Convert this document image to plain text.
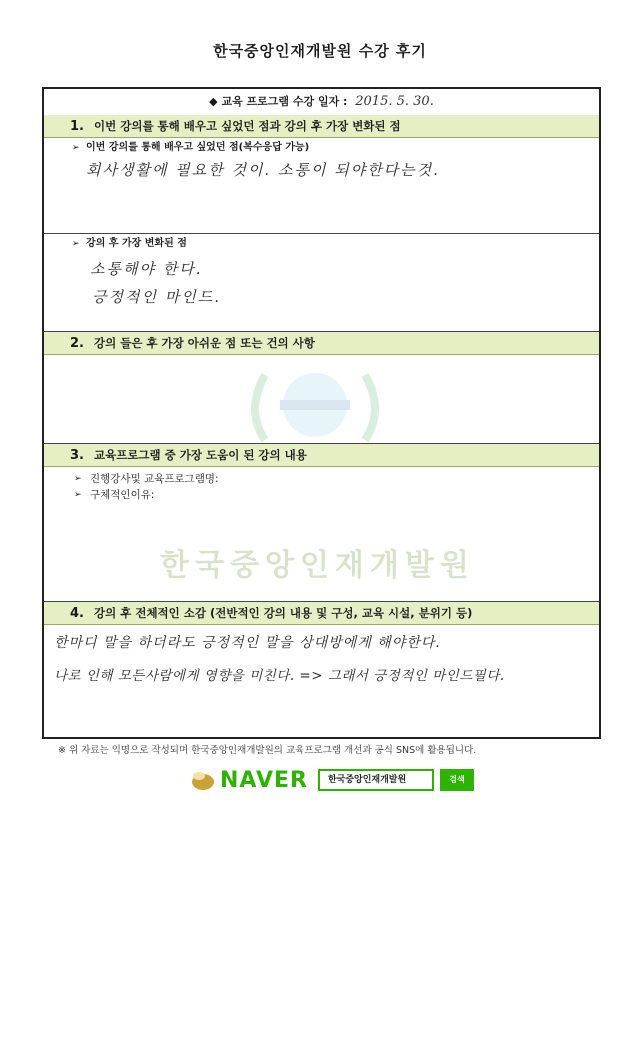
한국중앙인재개발원 수강 후기
◆ 교육 프로그램 수강 일자 : 2015. 5. 30.
1. 이번 강의를 통해 배우고 싶었던 점과 강의 후 가장 변화된 점
➢ 이번 강의를 통해 배우고 싶었던 점(복수응답 가능)
회사생활에 필요한 것이. 소통이 되야한다는것.
➢ 강의 후 가장 변화된 점
소통해야 한다.
긍정적인 마인드.
2. 강의 들은 후 가장 아쉬운 점 또는 건의 사항
3. 교육프로그램 중 가장 도움이 된 강의 내용
➢ 진행강사및 교육프로그램명:
➢ 구체적인이유:
4. 강의 후 전체적인 소감 (전반적인 강의 내용 및 구성, 교육 시설, 분위기 등)
한마디 말을 하더라도 긍정적인 말을 상대방에게 해야한다.
나로 인해 모든사람에게 영향을 미친다. => 그래서 긍정적인 마인드필다.
한국중앙인재개발원
※ 위 자료는 익명으로 작성되며 한국중앙인재개발원의 교육프로그램 개선과 공식 SNS에 활용됩니다.
NAVER	한국중앙인재개발원	검색
